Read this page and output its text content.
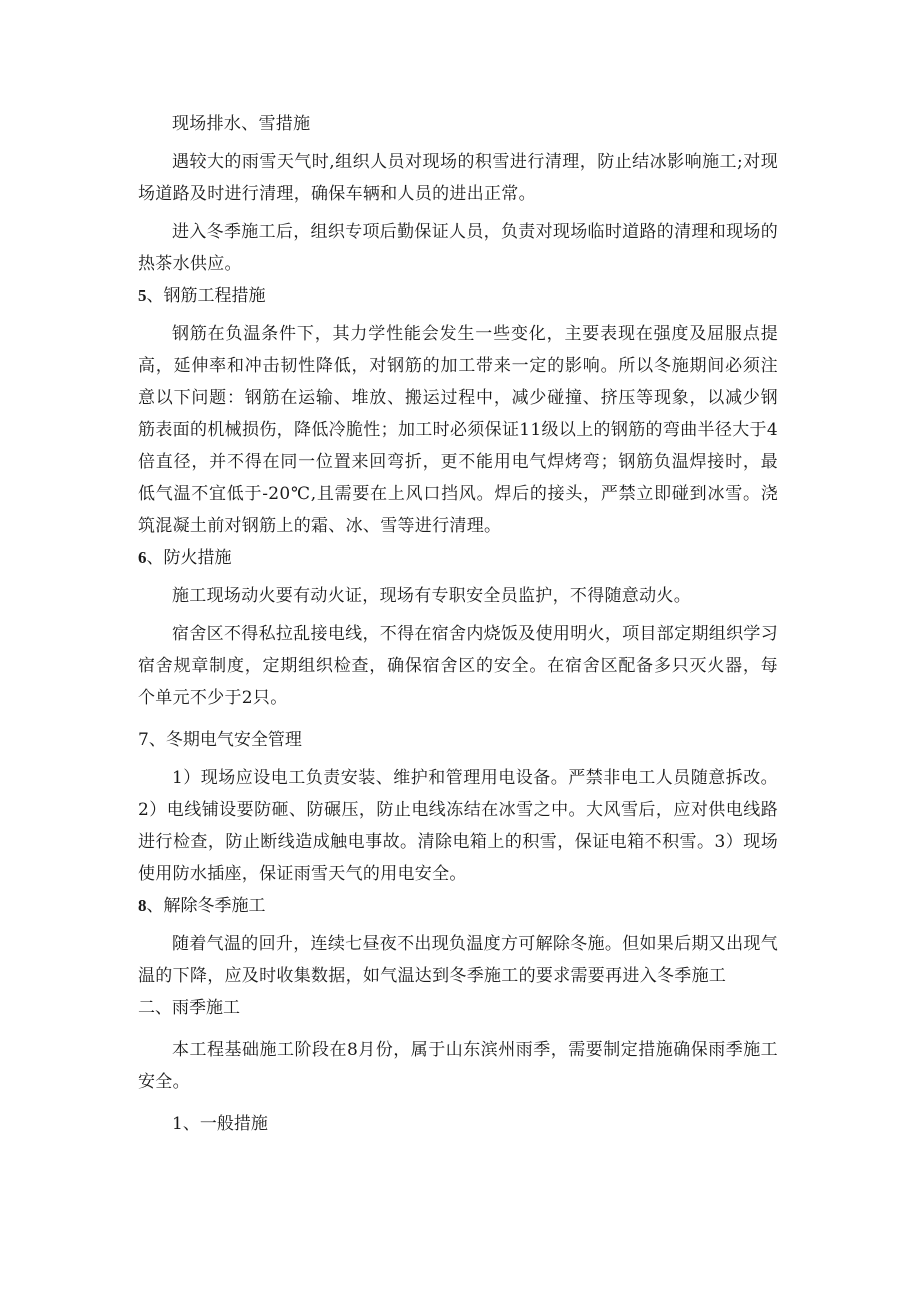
现场排水、雪措施

遇较大的雨雪天气时,组织人员对现场的积雪进行清理，防止结冰影响施工;对现场道路及时进行清理，确保车辆和人员的进出正常。

进入冬季施工后，组织专项后勤保证人员，负责对现场临时道路的清理和现场的热茶水供应。

5、钢筋工程措施

钢筋在负温条件下，其力学性能会发生一些变化，主要表现在强度及屈服点提高，延伸率和冲击韧性降低，对钢筋的加工带来一定的影响。所以冬施期间必须注意以下问题：钢筋在运输、堆放、搬运过程中，减少碰撞、挤压等现象，以减少钢筋表面的机械损伤，降低冷脆性；加工时必须保证11级以上的钢筋的弯曲半径大于4倍直径，并不得在同一位置来回弯折，更不能用电气焊烤弯；钢筋负温焊接时，最低气温不宜低于-20℃,且需要在上风口挡风。焊后的接头，严禁立即碰到冰雪。浇筑混凝土前对钢筋上的霜、冰、雪等进行清理。

6、防火措施

施工现场动火要有动火证，现场有专职安全员监护，不得随意动火。

宿舍区不得私拉乱接电线，不得在宿舍内烧饭及使用明火，项目部定期组织学习宿舍规章制度，定期组织检查，确保宿舍区的安全。在宿舍区配备多只灭火器，每个单元不少于2只。

7、冬期电气安全管理

1）现场应设电工负责安装、维护和管理用电设备。严禁非电工人员随意拆改。2）电线铺设要防砸、防碾压，防止电线冻结在冰雪之中。大风雪后，应对供电线路进行检查，防止断线造成触电事故。清除电箱上的积雪，保证电箱不积雪。3）现场使用防水插座，保证雨雪天气的用电安全。

8、解除冬季施工

随着气温的回升，连续七昼夜不出现负温度方可解除冬施。但如果后期又出现气温的下降，应及时收集数据，如气温达到冬季施工的要求需要再进入冬季施工

二、雨季施工

本工程基础施工阶段在8月份，属于山东滨州雨季，需要制定措施确保雨季施工安全。

1、一般措施
